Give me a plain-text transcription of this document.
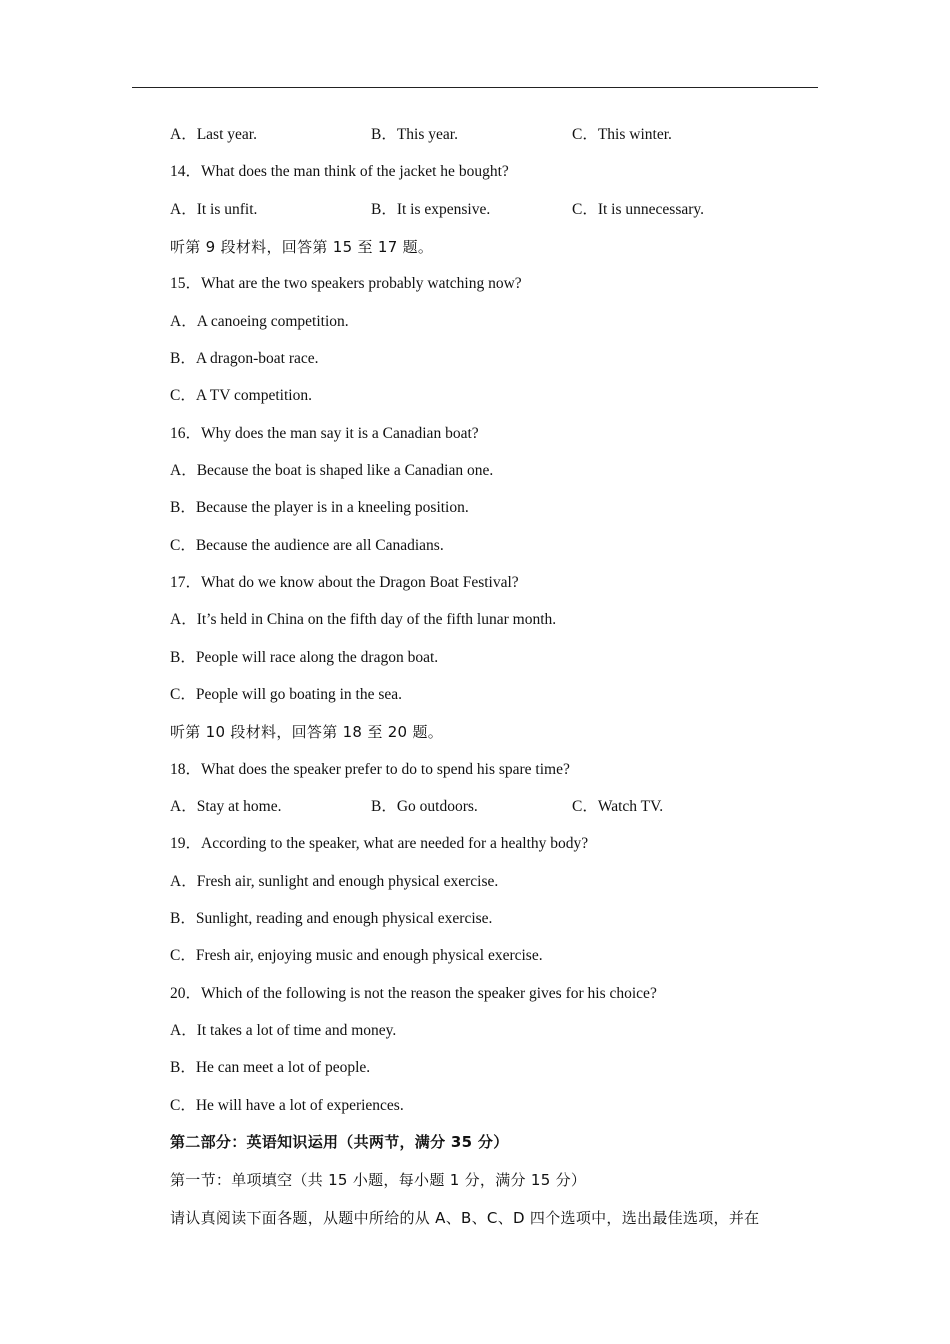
A．Last year.	B．This year.	C．This winter.
14．What does the man think of the jacket he bought?
A．It is unfit.	B．It is expensive.	C．It is unnecessary.
听第 9 段材料，回答第 15 至 17 题。
15．What are the two speakers probably watching now?
A．A canoeing competition.
B．A dragon-boat race.
C．A TV competition.
16．Why does the man say it is a Canadian boat?
A．Because the boat is shaped like a Canadian one.
B．Because the player is in a kneeling position.
C．Because the audience are all Canadians.
17．What do we know about the Dragon Boat Festival?
A．It’s held in China on the fifth day of the fifth lunar month.
B．People will race along the dragon boat.
C．People will go boating in the sea.
听第 10 段材料，回答第 18 至 20 题。
18．What does the speaker prefer to do to spend his spare time?
A．Stay at home.	B．Go outdoors.	C．Watch TV.
19．According to the speaker, what are needed for a healthy body?
A．Fresh air, sunlight and enough physical exercise.
B．Sunlight, reading and enough physical exercise.
C．Fresh air, enjoying music and enough physical exercise.
20．Which of the following is not the reason the speaker gives for his choice?
A．It takes a lot of time and money.
B．He can meet a lot of people.
C．He will have a lot of experiences.
第二部分：英语知识运用（共两节，满分 35 分）
第一节：单项填空（共 15 小题，每小题 1 分，满分 15 分）
请认真阅读下面各题，从题中所给的从 A、B、C、D 四个选项中，选出最佳选项，并在
